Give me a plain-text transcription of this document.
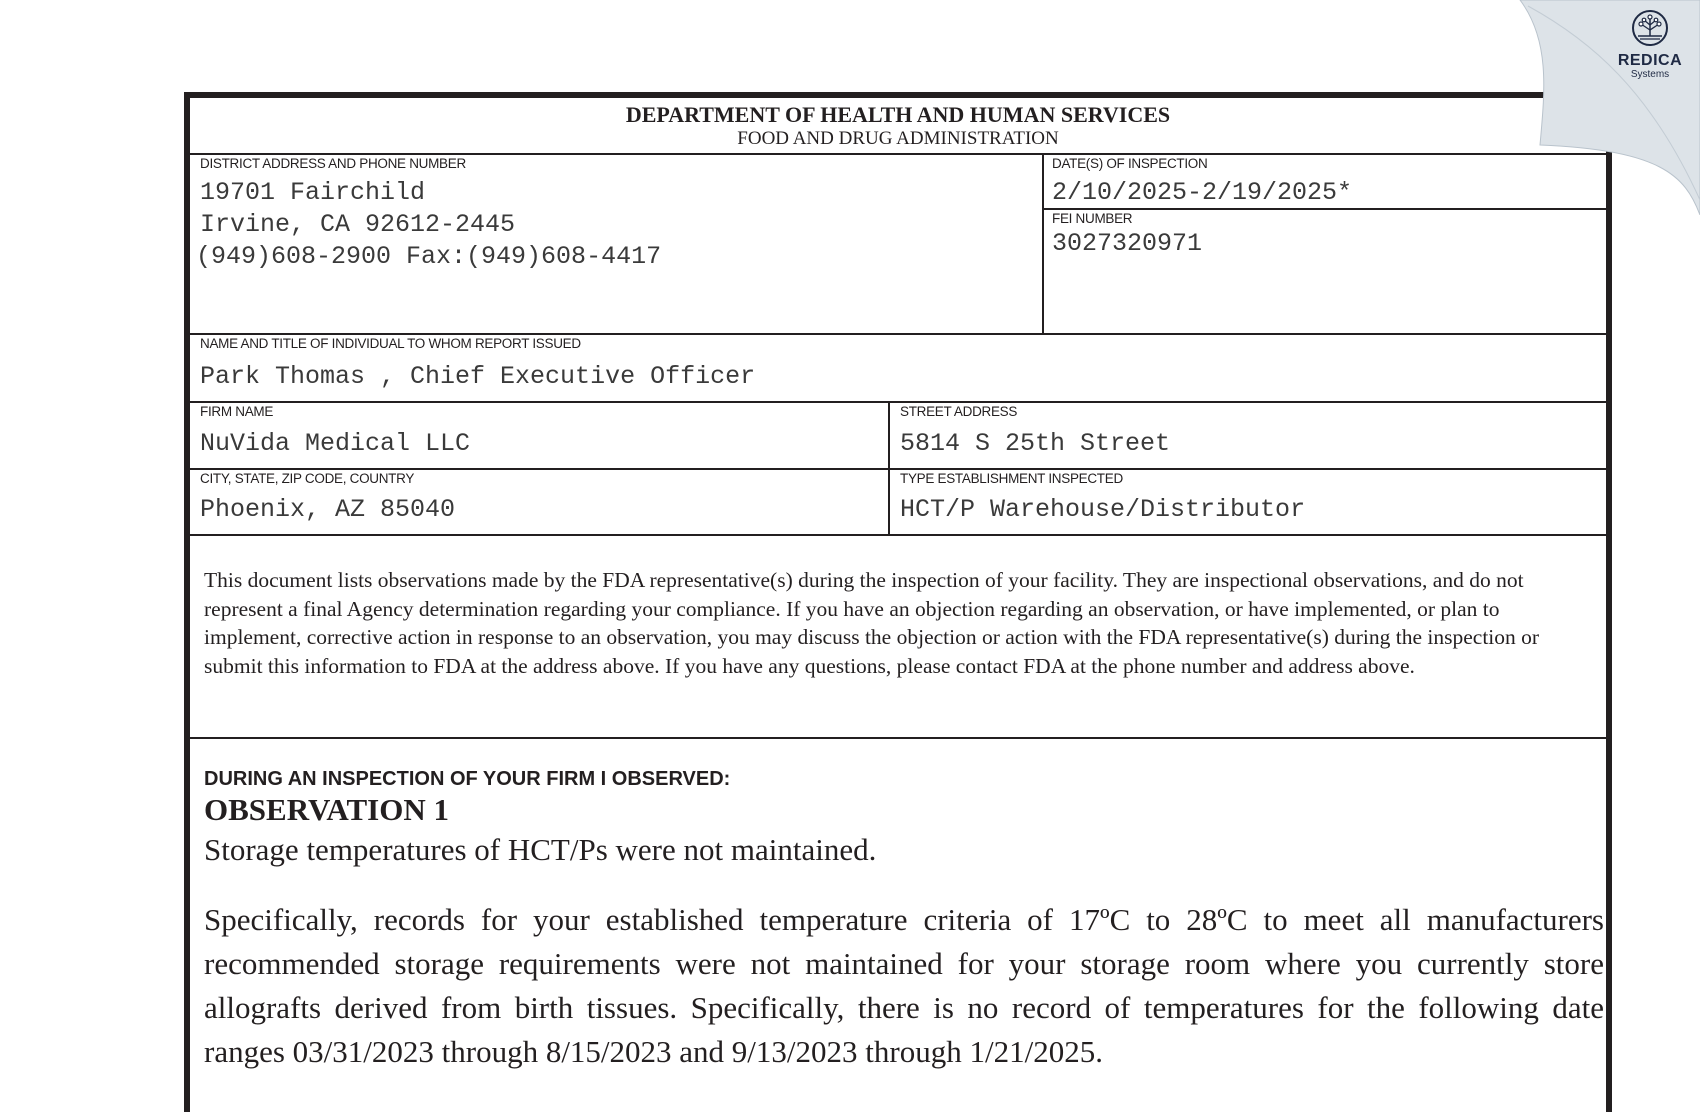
DEPARTMENT OF HEALTH AND HUMAN SERVICES
FOOD AND DRUG ADMINISTRATION
DISTRICT ADDRESS AND PHONE NUMBER
19701 Fairchild
Irvine, CA 92612-2445
(949)608-2900 Fax:(949)608-4417
DATE(S) OF INSPECTION
2/10/2025-2/19/2025*
FEI NUMBER
3027320971
NAME AND TITLE OF INDIVIDUAL TO WHOM REPORT ISSUED
Park Thomas , Chief Executive Officer
FIRM NAME
NuVida Medical LLC
STREET ADDRESS
5814 S 25th Street
CITY, STATE, ZIP CODE, COUNTRY
Phoenix, AZ 85040
TYPE ESTABLISHMENT INSPECTED
HCT/P Warehouse/Distributor
This document lists observations made by the FDA representative(s) during the inspection of your facility. They are inspectional observations, and do not represent a final Agency determination regarding your compliance. If you have an objection regarding an observation, or have implemented, or plan to implement, corrective action in response to an observation, you may discuss the objection or action with the FDA representative(s) during the inspection or submit this information to FDA at the address above. If you have any questions, please contact FDA at the phone number and address above.
DURING AN INSPECTION OF YOUR FIRM I OBSERVED:
OBSERVATION 1
Storage temperatures of HCT/Ps were not maintained.
Specifically, records for your established temperature criteria of 17ºC to 28ºC to meet all manufacturers recommended storage requirements were not maintained for your storage room where you currently store allografts derived from birth tissues. Specifically, there is no record of temperatures for the following date ranges 03/31/2023 through 8/15/2023 and 9/13/2023 through 1/21/2025.
REDICA
Systems
